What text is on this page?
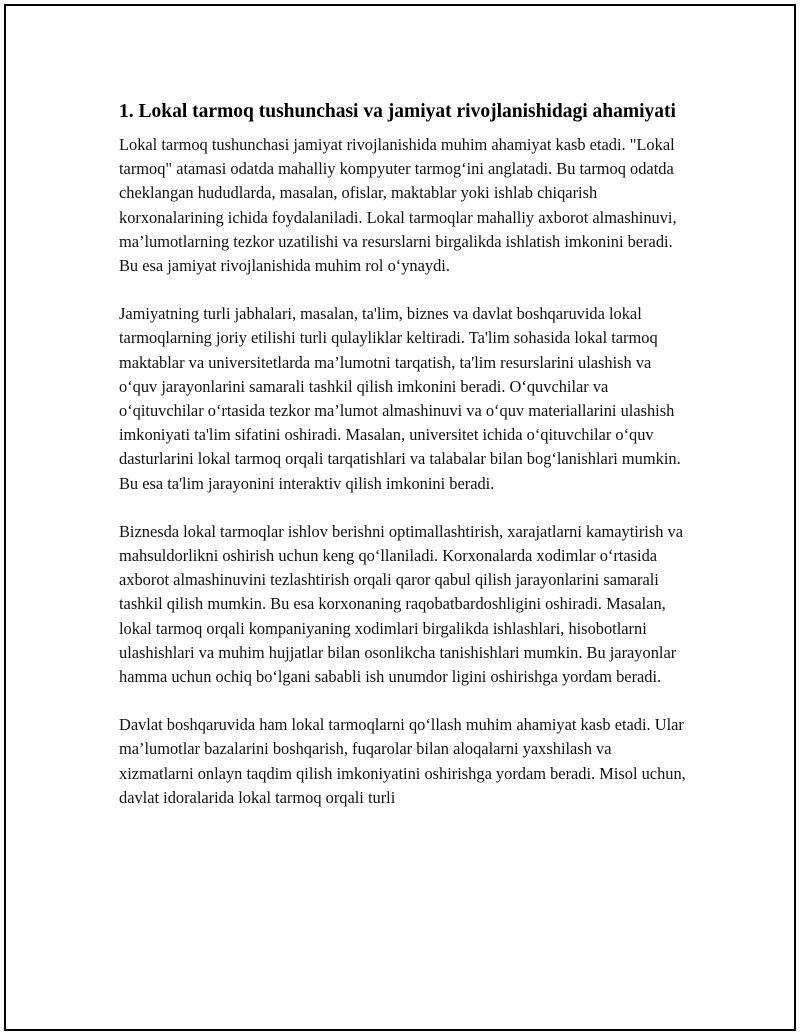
1. Lokal tarmoq tushunchasi va jamiyat rivojlanishidagi ahamiyati

Lokal tarmoq tushunchasi jamiyat rivojlanishida muhim ahamiyat kasb etadi. "Lokal tarmoq" atamasi odatda mahalliy kompyuter tarmog‘ini anglatadi. Bu tarmoq odatda cheklangan hududlarda, masalan, ofislar, maktablar yoki ishlab chiqarish korxonalarining ichida foydalaniladi. Lokal tarmoqlar mahalliy axborot almashinuvi, ma’lumotlarning tezkor uzatilishi va resurslarni birgalikda ishlatish imkonini beradi. Bu esa jamiyat rivojlanishida muhim rol o‘ynaydi.

Jamiyatning turli jabhalari, masalan, ta'lim, biznes va davlat boshqaruvida lokal tarmoqlarning joriy etilishi turli qulayliklar keltiradi. Ta'lim sohasida lokal tarmoq maktablar va universitetlarda ma’lumotni tarqatish, ta'lim resurslarini ulashish va o‘quv jarayonlarini samarali tashkil qilish imkonini beradi. O‘quvchilar va o‘qituvchilar o‘rtasida tezkor ma’lumot almashinuvi va o‘quv materiallarini ulashish imkoniyati ta'lim sifatini oshiradi. Masalan, universitet ichida o‘qituvchilar o‘quv dasturlarini lokal tarmoq orqali tarqatishlari va talabalar bilan bog‘lanishlari mumkin. Bu esa ta'lim jarayonini interaktiv qilish imkonini beradi.

Biznesda lokal tarmoqlar ishlov berishni optimallashtirish, xarajatlarni kamaytirish va mahsuldorlikni oshirish uchun keng qo‘llaniladi. Korxonalarda xodimlar o‘rtasida axborot almashinuvini tezlashtirish orqali qaror qabul qilish jarayonlarini samarali tashkil qilish mumkin. Bu esa korxonaning raqobatbardoshligini oshiradi. Masalan, lokal tarmoq orqali kompaniyaning xodimlari birgalikda ishlashlari, hisobotlarni ulashishlari va muhim hujjatlar bilan osonlikcha tanishishlari mumkin. Bu jarayonlar hamma uchun ochiq bo‘lgani sababli ish unumdor ligini oshirishga yordam beradi.

Davlat boshqaruvida ham lokal tarmoqlarni qo‘llash muhim ahamiyat kasb etadi. Ular ma’lumotlar bazalarini boshqarish, fuqarolar bilan aloqalarni yaxshilash va xizmatlarni onlayn taqdim qilish imkoniyatini oshirishga yordam beradi. Misol uchun, davlat idoralarida lokal tarmoq orqali turli
